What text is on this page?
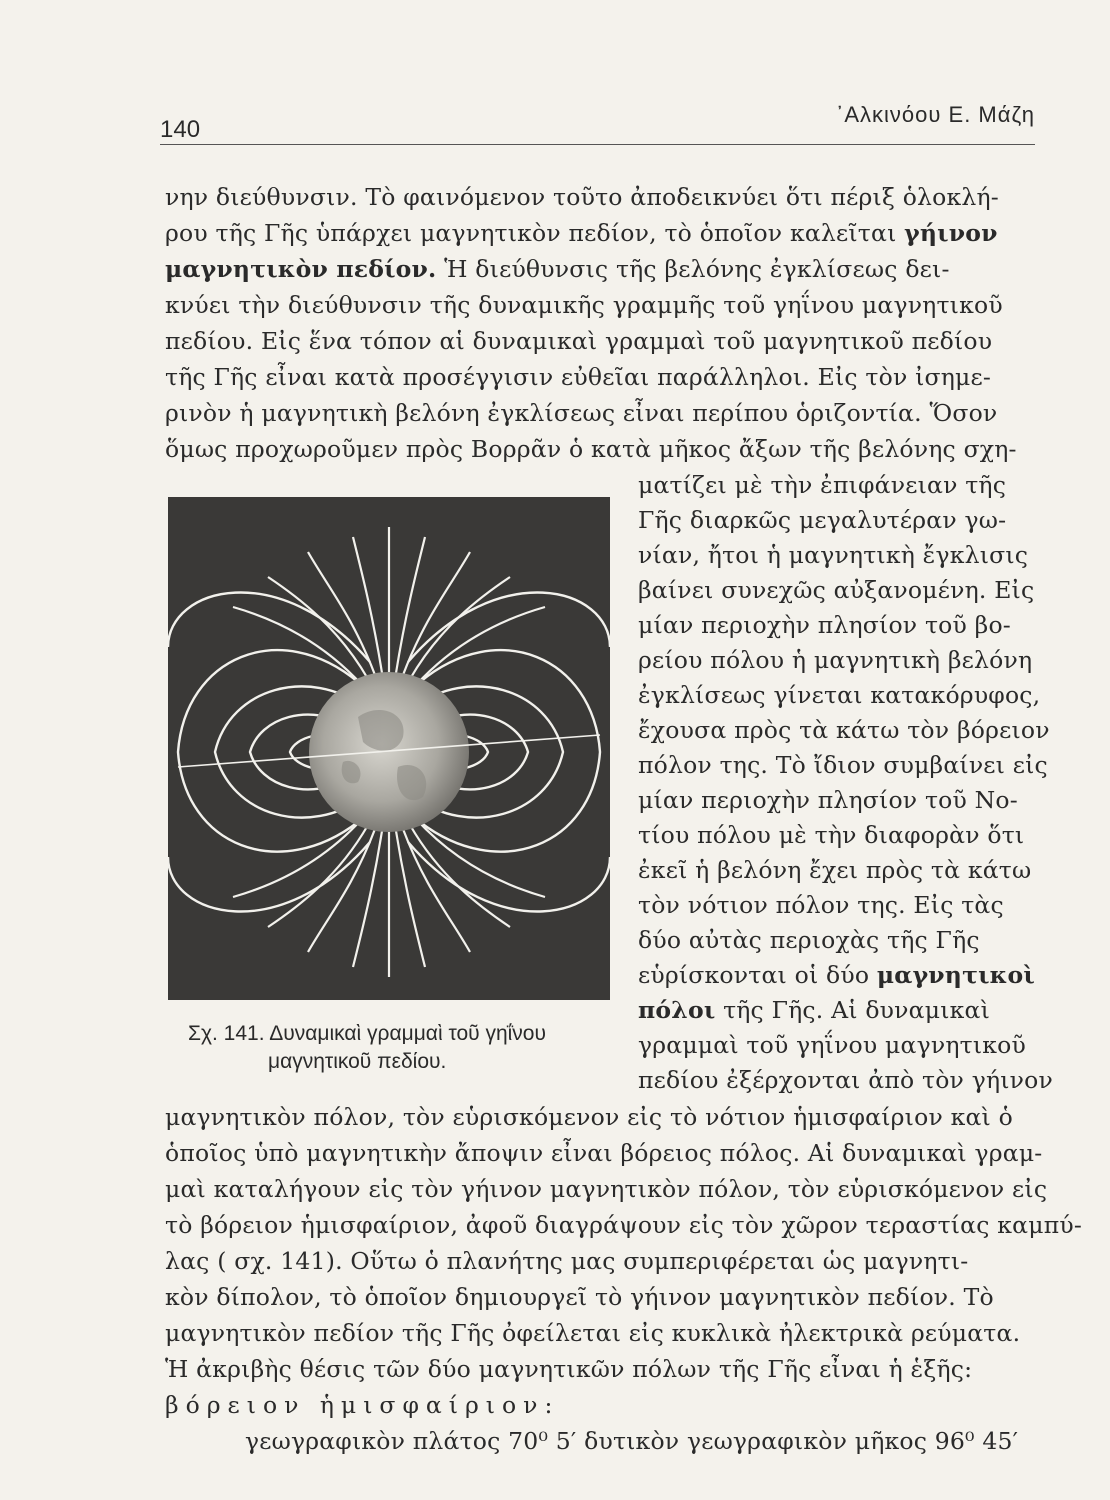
140
᾿Αλκινόου Ε. Μάζη
νην διεύθυνσιν. Τὸ φαινόμενον τοῦτο ἀποδεικνύει ὅτι πέριξ ὁλοκλή-
ρου τῆς Γῆς ὑπάρχει μαγνητικὸν πεδίον, τὸ ὁποῖον καλεῖται γήινον
μαγνητικὸν πεδίον. Ἡ διεύθυνσις τῆς βελόνης ἐγκλίσεως δει-
κνύει τὴν διεύθυνσιν τῆς δυναμικῆς γραμμῆς τοῦ γηΐνου μαγνητικοῦ
πεδίου. Εἰς ἕνα τόπον αἱ δυναμικαὶ γραμμαὶ τοῦ μαγνητικοῦ πεδίου
τῆς Γῆς εἶναι κατὰ προσέγγισιν εὐθεῖαι παράλληλοι. Εἰς τὸν ἰσημε-
ρινὸν ἡ μαγνητικὴ βελόνη ἐγκλίσεως εἶναι περίπου ὁριζοντία. Ὅσον
ὅμως προχωροῦμεν πρὸς Βορρᾶν ὁ κατὰ μῆκος ἄξων τῆς βελόνης σχη-
Σχ. 141. Δυναμικαὶ γραμμαὶ τοῦ γηΐνου
μαγνητικοῦ πεδίου.
ματίζει μὲ τὴν ἐπιφάνειαν τῆς
Γῆς διαρκῶς μεγαλυτέραν γω-
νίαν, ἤτοι ἡ μαγνητικὴ ἔγκλισις
βαίνει συνεχῶς αὐξανομένη. Εἰς
μίαν περιοχὴν πλησίον τοῦ βο-
ρείου πόλου ἡ μαγνητικὴ βελόνη
ἐγκλίσεως γίνεται κατακόρυφος,
ἔχουσα πρὸς τὰ κάτω τὸν βόρειον
πόλον της. Τὸ ἴδιον συμβαίνει εἰς
μίαν περιοχὴν πλησίον τοῦ Νο-
τίου πόλου μὲ τὴν διαφορὰν ὅτι
ἐκεῖ ἡ βελόνη ἔχει πρὸς τὰ κάτω
τὸν νότιον πόλον της. Εἰς τὰς
δύο αὐτὰς περιοχὰς τῆς Γῆς
εὑρίσκονται οἱ δύο μαγνητικοὶ
πόλοι τῆς Γῆς. Αἱ δυναμικαὶ
γραμμαὶ τοῦ γηΐνου μαγνητικοῦ
πεδίου ἐξέρχονται ἀπὸ τὸν γήινον
μαγνητικὸν πόλον, τὸν εὑρισκόμενον εἰς τὸ νότιον ἡμισφαίριον καὶ ὁ
ὁποῖος ὑπὸ μαγνητικὴν ἄποψιν εἶναι βόρειος πόλος. Αἱ δυναμικαὶ γραμ-
μαὶ καταλήγουν εἰς τὸν γήινον μαγνητικὸν πόλον, τὸν εὑρισκόμενον εἰς
τὸ βόρειον ἡμισφαίριον, ἀφοῦ διαγράψουν εἰς τὸν χῶρον τεραστίας καμπύ-
λας ( σχ. 141). Οὕτω ὁ πλανήτης μας συμπεριφέρεται ὡς μαγνητι-
κὸν δίπολον, τὸ ὁποῖον δημιουργεῖ τὸ γήινον μαγνητικὸν πεδίον. Τὸ
μαγνητικὸν πεδίον τῆς Γῆς ὀφείλεται εἰς κυκλικὰ ἠλεκτρικὰ ρεύματα.
Ἡ ἀκριβὴς θέσις τῶν δύο μαγνητικῶν πόλων τῆς Γῆς εἶναι ἡ ἑξῆς:
βόρειον ἡμισφαίριον:
γεωγραφικὸν πλάτος 70⁰ 5′ δυτικὸν γεωγραφικὸν μῆκος 96⁰ 45′
